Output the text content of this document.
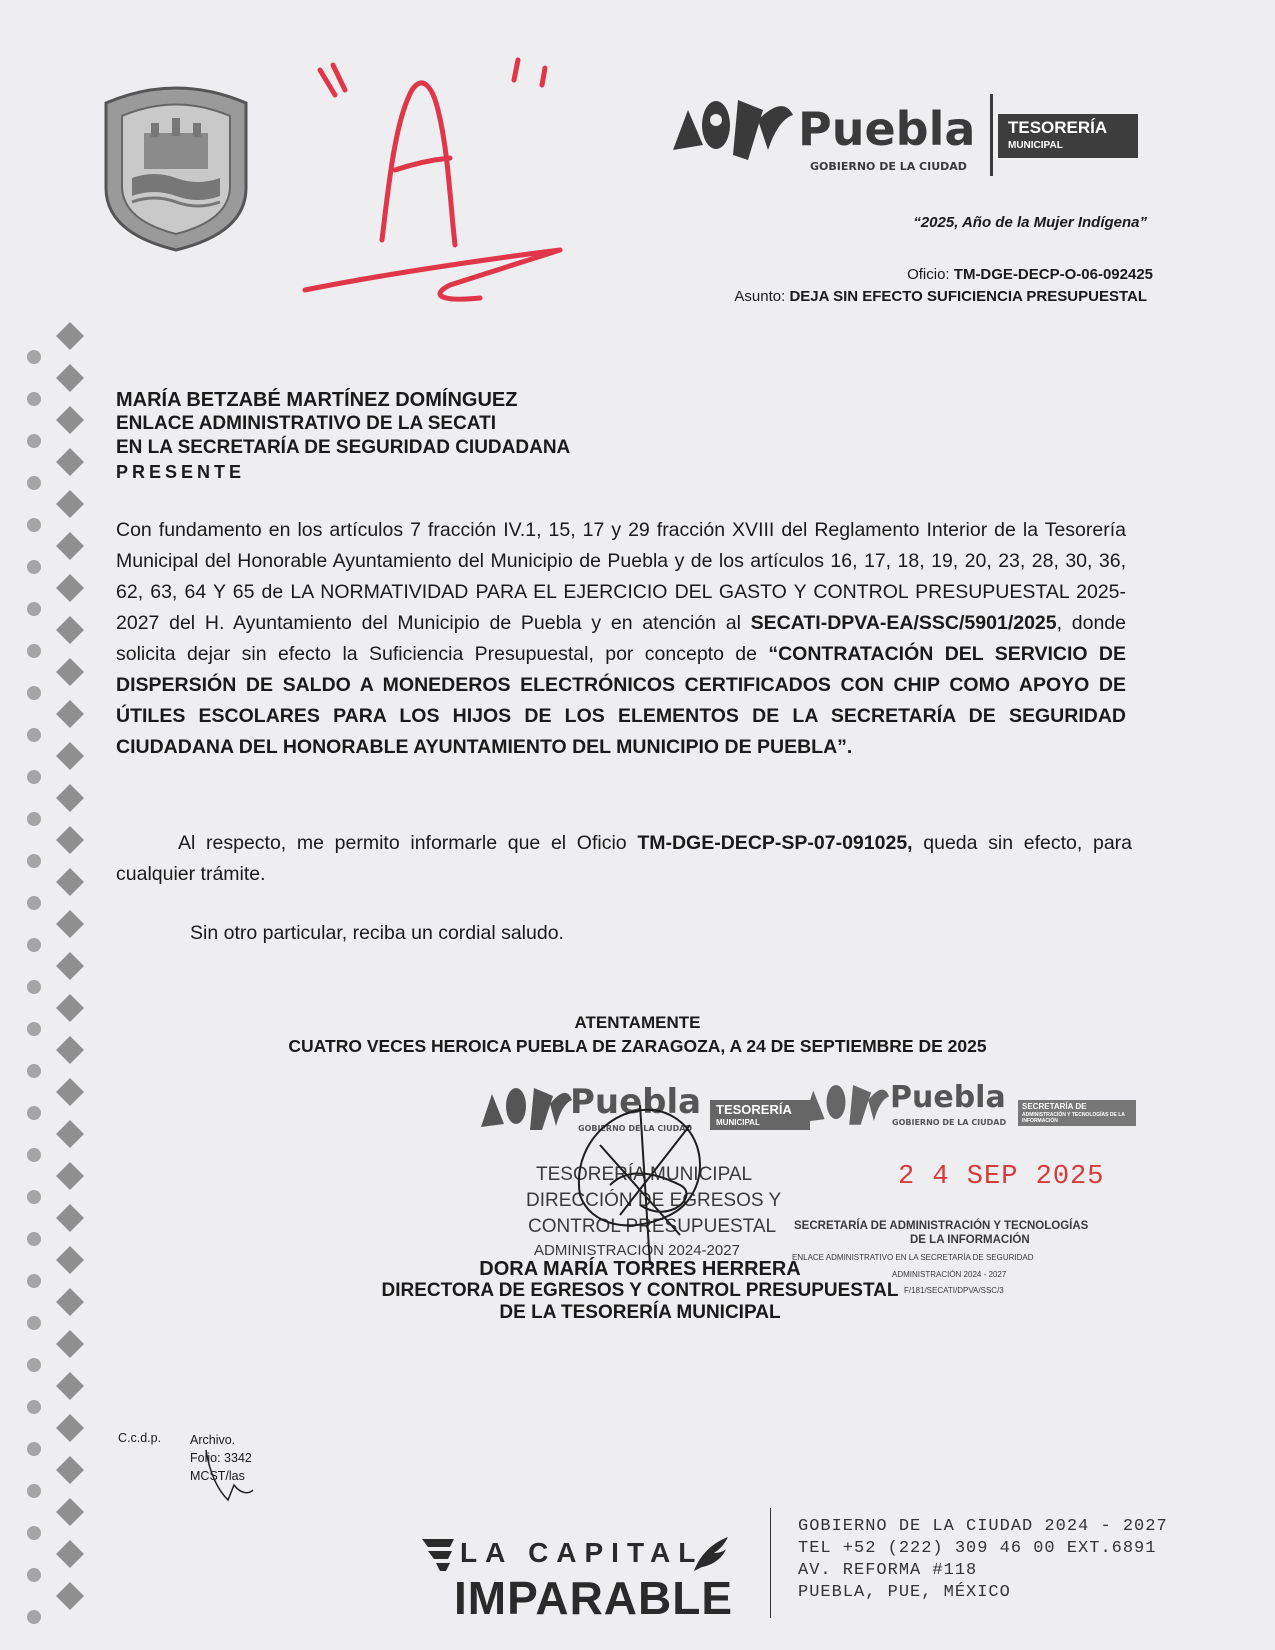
Puebla
GOBIERNO DE LA CIUDAD
TESORERÍA
MUNICIPAL
“2025, Año de la Mujer Indígena”
Oficio: TM-DGE-DECP-O-06-092425
Asunto: DEJA SIN EFECTO SUFICIENCIA PRESUPUESTAL
MARÍA BETZABÉ MARTÍNEZ DOMÍNGUEZ
ENLACE ADMINISTRATIVO DE LA SECATI
EN LA SECRETARÍA DE SEGURIDAD CIUDADANA
PRESENTE
Con fundamento en los artículos 7 fracción IV.1, 15, 17 y 29 fracción XVIII del Reglamento Interior de la Tesorería Municipal del Honorable Ayuntamiento del Municipio de Puebla y de los artículos 16, 17, 18, 19, 20, 23, 28, 30, 36, 62, 63, 64 Y 65 de LA NORMATIVIDAD PARA EL EJERCICIO DEL GASTO Y CONTROL PRESUPUESTAL 2025-2027 del H. Ayuntamiento del Municipio de Puebla y en atención al SECATI-DPVA-EA/SSC/5901/2025, donde solicita dejar sin efecto la Suficiencia Presupuestal, por concepto de “CONTRATACIÓN DEL SERVICIO DE DISPERSIÓN DE SALDO A MONEDEROS ELECTRÓNICOS CERTIFICADOS CON CHIP COMO APOYO DE ÚTILES ESCOLARES PARA LOS HIJOS DE LOS ELEMENTOS DE LA SECRETARÍA DE SEGURIDAD CIUDADANA DEL HONORABLE AYUNTAMIENTO DEL MUNICIPIO DE PUEBLA”.
Al respecto, me permito informarle que el Oficio TM-DGE-DECP-SP-07-091025, queda sin efecto, para cualquier trámite.
Sin otro particular, reciba un cordial saludo.
ATENTAMENTE
CUATRO VECES HEROICA PUEBLA DE ZARAGOZA, A 24 DE SEPTIEMBRE DE 2025
Puebla
GOBIERNO DE LA CIUDAD
TESORERÍA
MUNICIPAL
TESORERÍA MUNICIPAL
DIRECCIÓN DE EGRESOS Y
CONTROL PRESUPUESTAL
ADMINISTRACIÓN 2024-2027
Puebla
GOBIERNO DE LA CIUDAD
SECRETARÍA DE
ADMINISTRACIÓN Y TECNOLOGÍAS DE LA INFORMACIÓN
SECRETARÍA DE ADMINISTRACIÓN Y TECNOLOGÍAS
DE LA INFORMACIÓN
ENLACE ADMINISTRATIVO EN LA SECRETARÍA DE SEGURIDAD
ADMINISTRACIÓN 2024 - 2027
F/181/SECATI/DPVA/SSC/3
2 4 SEP 2025
DORA MARÍA TORRES HERRERA
DIRECTORA DE EGRESOS Y CONTROL PRESUPUESTAL
DE LA TESORERÍA MUNICIPAL
C.c.d.p. Archivo.
Folio: 3342
MCST/las
LA CAPITAL
IMPARABLE
GOBIERNO DE LA CIUDAD 2024 - 2027
TEL +52 (222) 309 46 00 EXT.6891
AV. REFORMA #118
PUEBLA, PUE, MÉXICO
